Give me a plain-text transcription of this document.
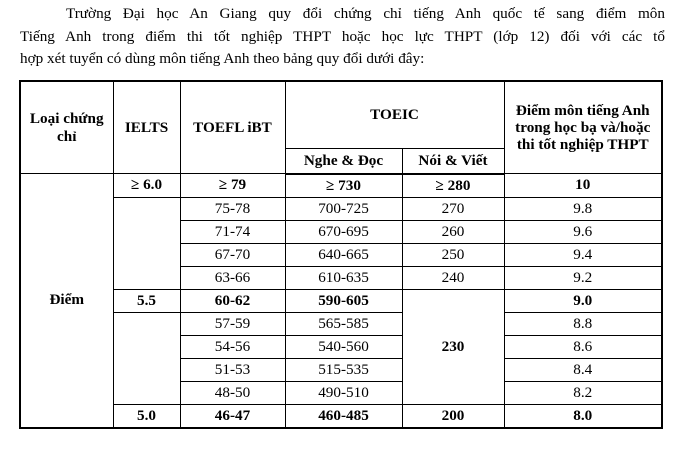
Trường Đại học An Giang quy đổi chứng chỉ tiếng Anh quốc tế sang điểm môn
Tiếng Anh trong điểm thi tốt nghiệp THPT hoặc học lực THPT (lớp 12) đối với các tổ
hợp xét tuyển có dùng môn tiếng Anh theo bảng quy đổi dưới đây:

Loại chứng chỉ	IELTS	TOEFL iBT	TOEIC		Điểm môn tiếng Anh trong học bạ và/hoặc thi tốt nghiệp THPT
			Nghe & Đọc	Nói & Viết	
Điểm	≥ 6.0	≥ 79	≥ 730	≥ 280	10
		75-78	700-725	270	9.8
		71-74	670-695	260	9.6
		67-70	640-665	250	9.4
		63-66	610-635	240	9.2
	5.5	60-62	590-605	230	9.0
		57-59	565-585		8.8
		54-56	540-560		8.6
		51-53	515-535		8.4
		48-50	490-510		8.2
	5.0	46-47	460-485	200	8.0
